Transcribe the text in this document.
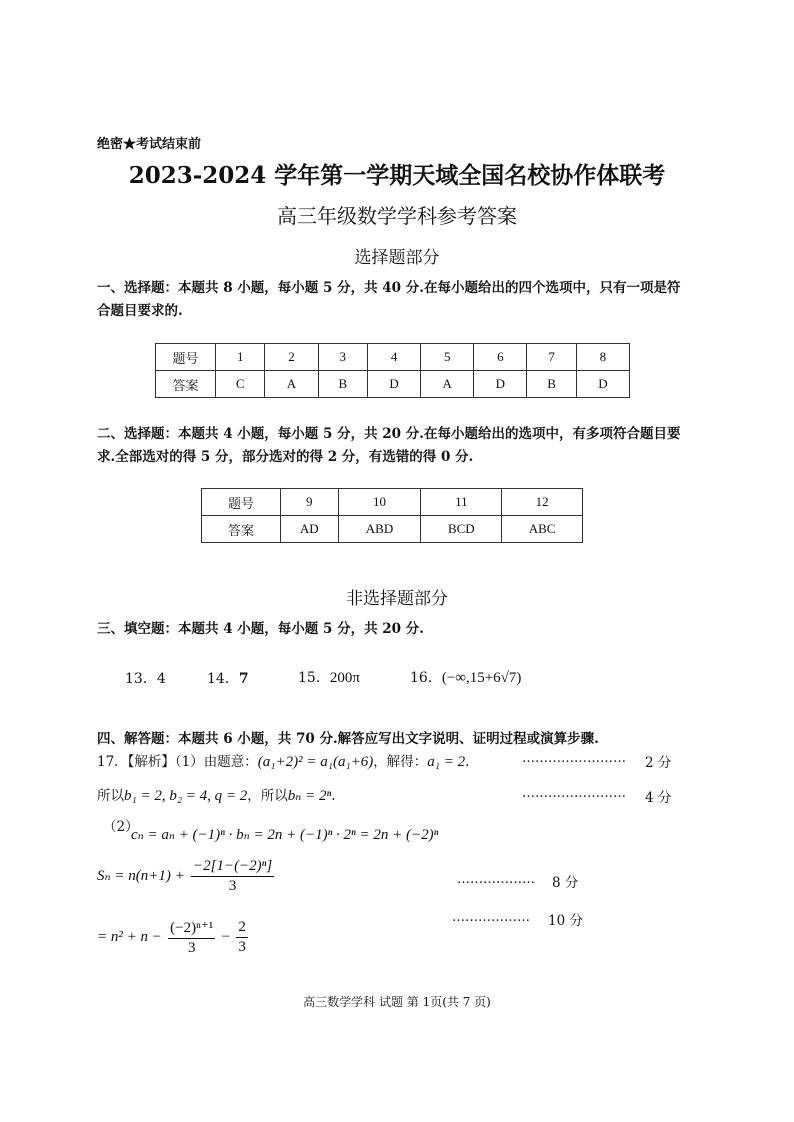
绝密★考试结束前
2023-2024 学年第一学期天域全国名校协作体联考
高三年级数学学科参考答案
选择题部分
一、选择题：本题共 8 小题，每小题 5 分，共 40 分.在每小题给出的四个选项中，只有一项是符
合题目要求的.
题号	1	2	3	4	5	6	7	8
答案	C	A	B	D	A	D	B	D
二、选择题：本题共 4 小题，每小题 5 分，共 20 分.在每小题给出的选项中，有多项符合题目要
求.全部选对的得 5 分，部分选对的得 2 分，有选错的得 0 分.
题号	9	10	11	12
答案	AD	ABD	BCD	ABC
非选择题部分
三、填空题：本题共 4 小题，每小题 5 分，共 20 分.
13．4	14．7	15．200π	16．(−∞,15+6√7)
四、解答题：本题共 6 小题，共 70 分.解答应写出文字说明、证明过程或演算步骤.
17．【解析】（1）由题意：(a₁+2)² = a₁(a₁+6)，解得：a₁ = 2.	…………………… 2 分
所以b₁ = 2, b₂ = 4, q = 2，所以bₙ = 2ⁿ.	…………………… 4 分
（2）
cₙ = aₙ + (−1)ⁿ · bₙ = 2n + (−1)ⁿ · 2ⁿ = 2n + (−2)ⁿ
$S_n = n(n+1) + \frac{\text{−2[1−(−2)ⁿ]}}{3}$	……………… 8 分
= $n^2 + n - \frac{\text{(−2)ⁿ⁺¹}}{3} - \frac{2}{3}$
……………… 10 分
高三数学学科 试题 第 1页(共 7 页)
